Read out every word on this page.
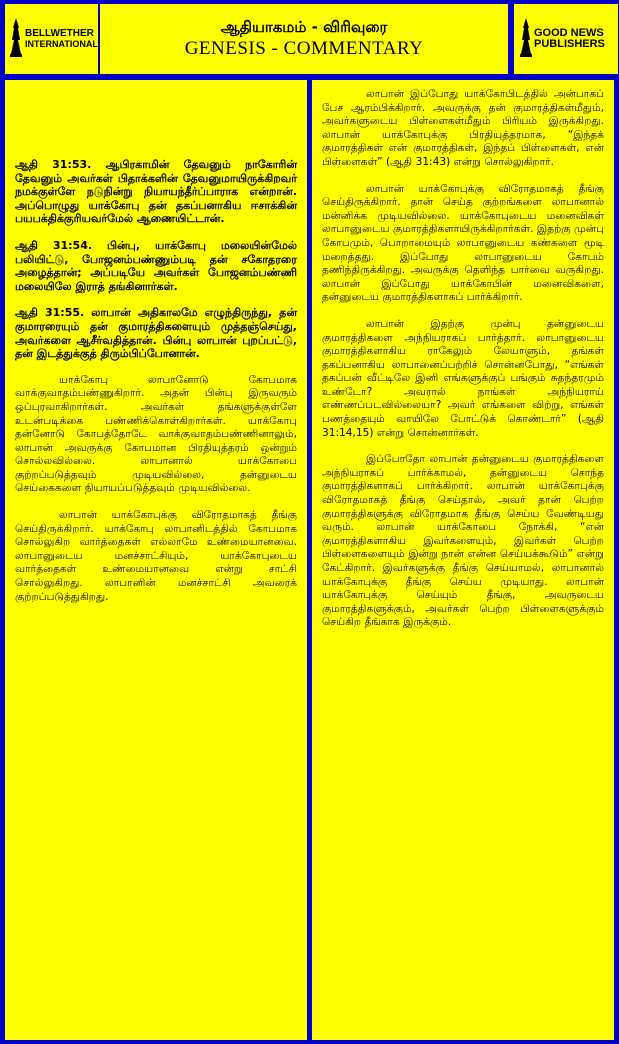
BELLWETHER
INTERNATIONAL
ஆதியாகமம் - விரிவுரை
GENESIS - COMMENTARY
GOOD NEWS
PUBLISHERS

ஆதி 31:53. ஆபிரகாமின் தேவனும் நாகோரின் தேவனும் அவர்கள் பிதாக்களின் தேவனுமாயிருக்கிறவர் நமக்குள்ளே நடுநின்று நியாயந்தீர்ப்பாராக என்றான். அப்பொழுது யாக்கோபு தன் தகப்பனாகிய ஈசாக்கின் பயபக்திக்குரியவர்மேல் ஆணையிட்டான்.

ஆதி 31:54. பின்பு, யாக்கோபு மலையின்மேல் பலியிட்டு, போஜனம்பண்ணும்படி தன் சகோதரரை அழைத்தான்; அப்படியே அவர்கள் போஜனம்பண்ணி மலையிலே இராத் தங்கினார்கள்.

ஆதி 31:55. லாபான் அதிகாலமே எழுந்திருந்து, தன் குமாரரையும் தன் குமாரத்திகளையும் முத்தஞ்செய்து, அவர்களை ஆசீர்வதித்தான். பின்பு லாபான் புறப்பட்டு, தன் இடத்துக்குத் திரும்பிப்போனான்.

யாக்கோபு லாபானோடு கோபமாக வாக்குவாதம்பண்ணுகிறார். அதன் பின்பு இருவரும் ஒப்புரவாகிறார்கள். அவர்கள் தங்களுக்குள்ளே உடன்படிக்கை பண்ணிக்கொள்கிறார்கள். யாக்கோபு தன்னோடு கோபத்தோடே வாக்குவாதம்பண்ணினாலும், லாபான் அவருக்கு கோபமான பிரதியுத்தரம் ஒன்றும் சொல்லவில்லை. லாபானால் யாக்கோபை குற்றப்படுத்தவும் முடியவில்லை, தன்னுடைய செய்கைகளை நியாயப்படுத்தவும் முடியவில்லை.

லாபான் யாக்கோபுக்கு விரோதமாகத் தீங்கு செய்திருக்கிறார். யாக்கோபு லாபானிடத்தில் கோபமாக சொல்லுகிற வார்த்தைகள் எல்லாமே உண்மையானவை. லாபானுடைய மனச்சாட்சியும், யாக்கோபுடைய வார்த்தைகள் உண்மையானவை என்று சாட்சி சொல்லுகிறது. லாபானின் மனச்சாட்சி அவரைக் குற்றப்படுத்துகிறது.

லாபான் இப்போது யாக்கோபிடத்தில் அன்பாகப் பேச ஆரம்பிக்கிறார். அவருக்கு தன் குமாரத்திகள்மீதும், அவர்களுடைய பிள்ளைகள்மீதும் பிரியம் இருக்கிறது. லாபான் யாக்கோபுக்கு பிரதியுத்தரமாக, “இந்தக் குமாரத்திகள் என் குமாரத்திகள், இந்தப் பிள்ளைகள், என் பிள்ளைகள்” (ஆதி 31:43) என்று சொல்லுகிறார்.

லாபான் யாக்கோபுக்கு விரோதமாகத் தீங்கு செய்திருக்கிறார். தான் செய்த குற்றங்களை லாபானால் மன்னிக்க முடியவில்லை. யாக்கோபுடைய மனைவிகள் லாபானுடைய குமாரத்திகளாயிருக்கிறார்கள். இதற்கு முன்பு கோபமும், பொறாமையும் லாபானுடைய கண்களை மூடி மறைத்தது. இப்போது லாபானுடைய கோபம் தணிந்திருக்கிறது. அவருக்கு தெளிந்த பார்வை வருகிறது. லாபான் இப்போது யாக்கோபின் மனைவிகளை, தன்னுடைய குமாரத்திகளாகப் பார்க்கிறார்.

லாபான் இதற்கு முன்பு தன்னுடைய குமாரத்திகளை அந்நியராகப் பார்த்தார். லாபானுடைய குமாரத்திகளாகிய ராகேலும் லேயாளும், தங்கள் தகப்பனாகிய லாபானைப்பற்றிச் சொன்னபோது, “எங்கள் தகப்பன் வீட்டிலே இனி எங்களுக்குப் பங்கும் சுதந்தரமும் உண்டோ? அவரால் நாங்கள் அந்நியராய் எண்ணப்படவில்லையா? அவர் எங்களை விற்று, எங்கள் பணத்தையும் வாயிலே போட்டுக் கொண்டார்” (ஆதி 31:14,15) என்று சொன்னார்கள்.

இப்போதோ லாபான் தன்னுடைய குமாரத்திகளை அந்நியராகப் பார்க்காமல், தன்னுடைய சொந்த குமாரத்திகளாகப் பார்க்கிறார். லாபான் யாக்கோபுக்கு விரோதமாகத் தீங்கு செய்தால், அவர் தான் பெற்ற குமாரத்திகளுக்கு விரோதமாக தீங்கு செய்ய வேண்டியது வரும். லாபான் யாக்கோபை நோக்கி, “என் குமாரத்திகளாகிய இவர்களையும், இவர்கள் பெற்ற பிள்ளைகளையும் இன்று நான் என்ன செய்யக்கூடும்” என்று கேட்கிறார். இவர்களுக்கு தீங்கு செய்யாமல், லாபானால் யாக்கோபுக்கு தீங்கு செய்ய முடியாது. லாபான் யாக்கோபுக்கு செய்யும் தீங்கு, அவருடைய குமாரத்திகளுக்கும், அவர்கள் பெற்ற பிள்ளைகளுக்கும் செய்கிற தீங்காக இருக்கும்.
